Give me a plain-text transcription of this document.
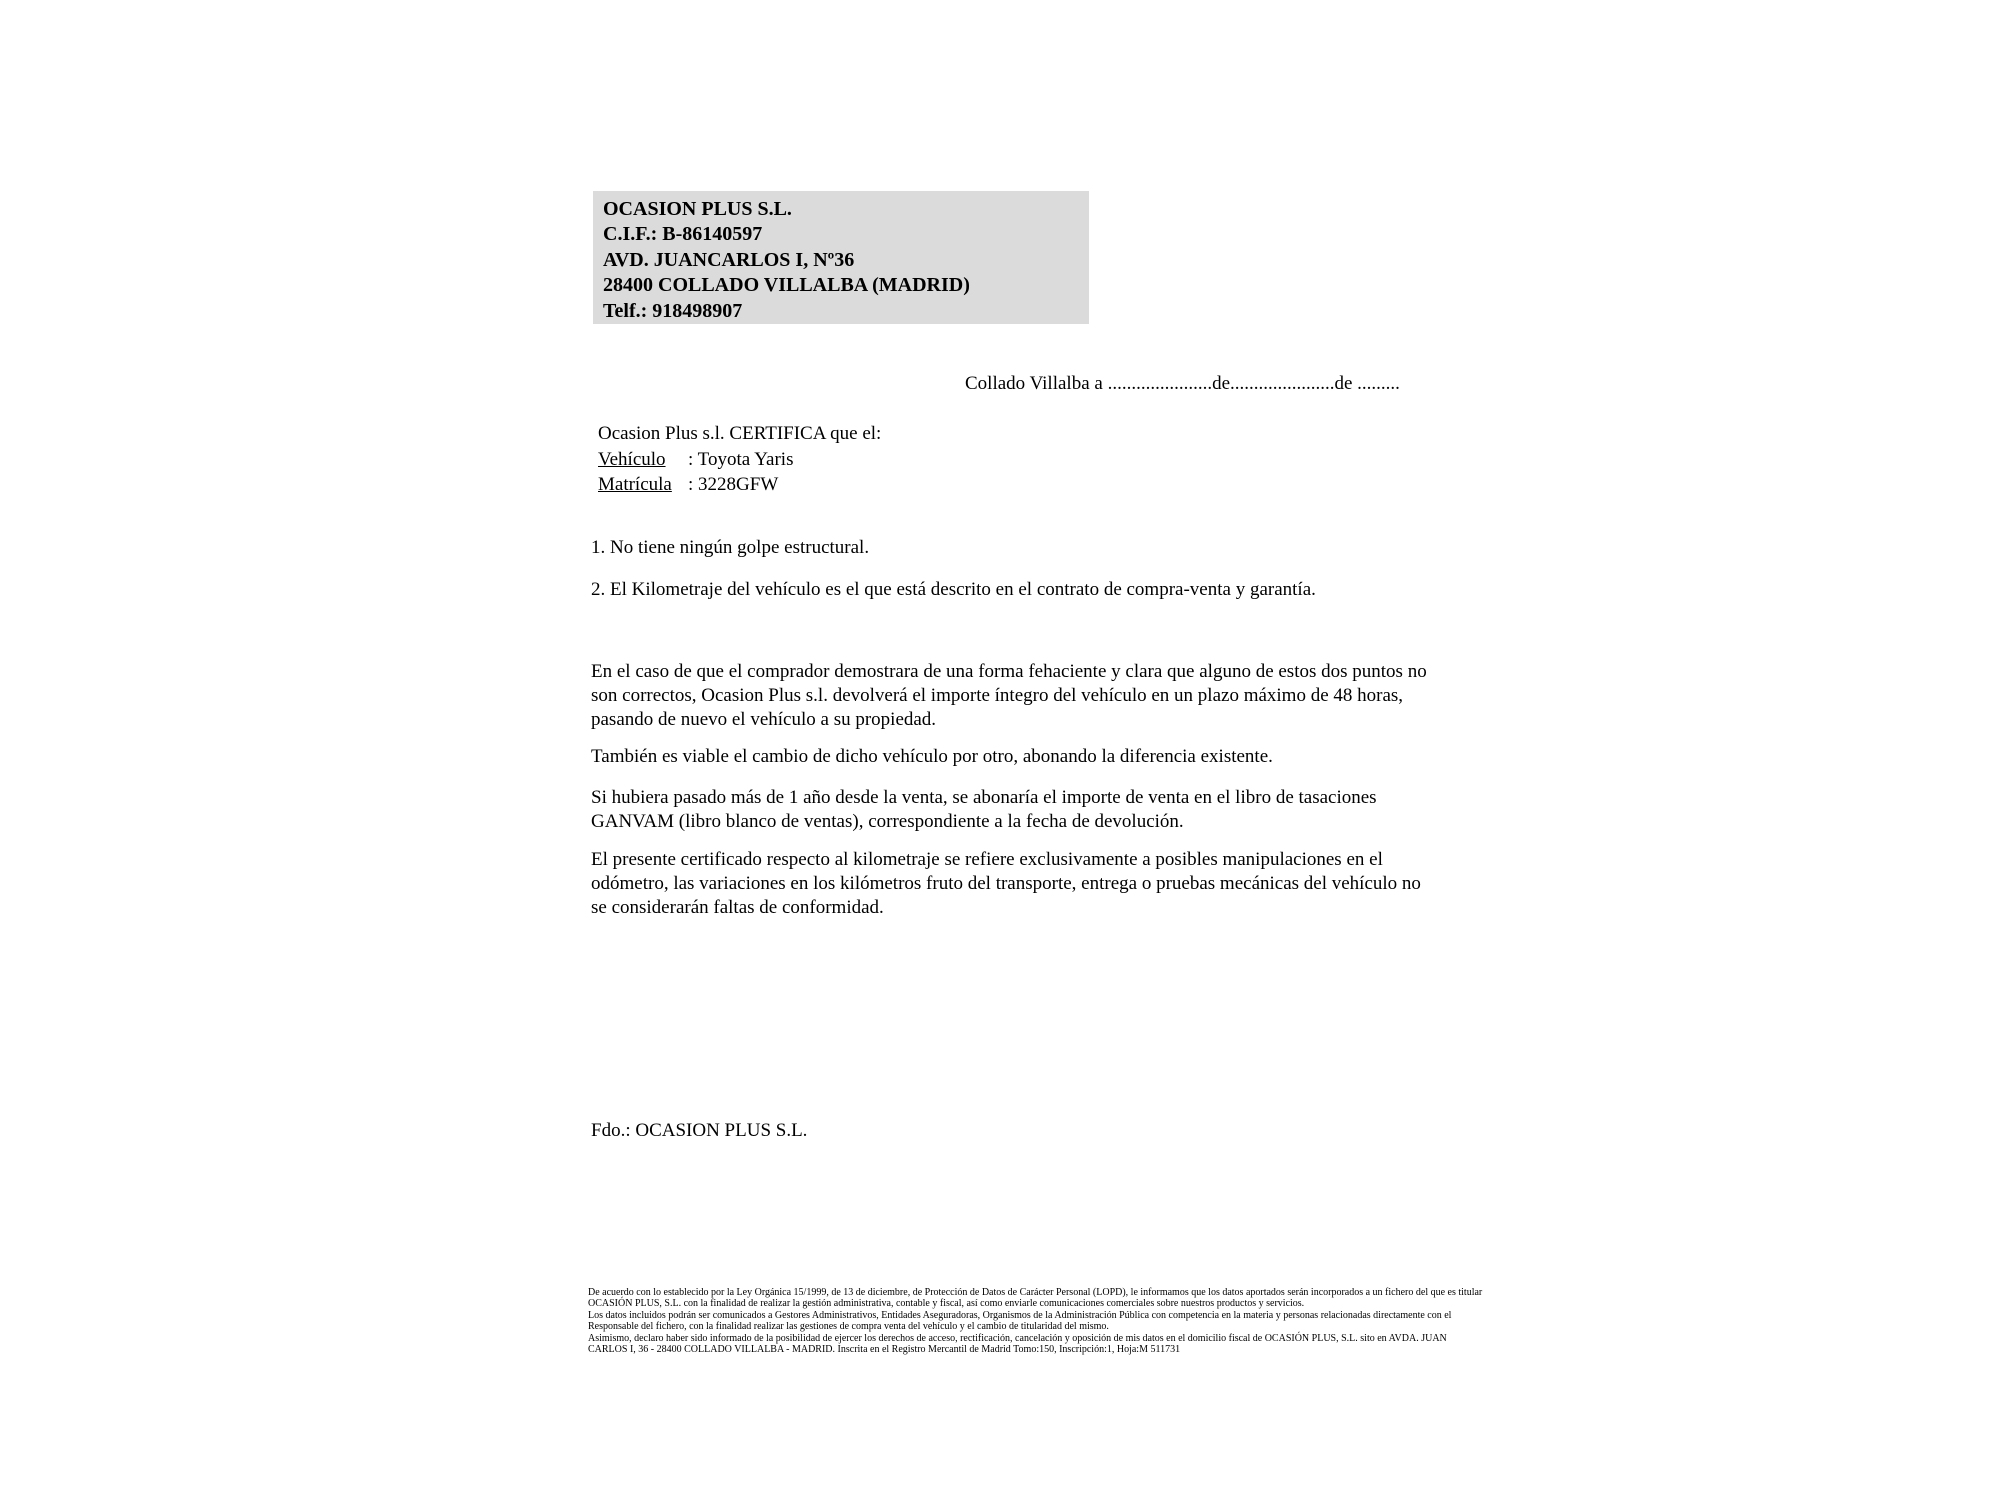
OCASION PLUS S.L.
C.I.F.: B-86140597
AVD. JUANCARLOS I, Nº36
28400 COLLADO VILLALBA (MADRID)
Telf.: 918498907
Collado Villalba a ......................de......................de .........
Ocasion Plus s.l. CERTIFICA que el:
Vehículo : Toyota Yaris
Matrícula : 3228GFW
1. No tiene ningún golpe estructural.
2. El Kilometraje del vehículo es el que está descrito en el contrato de compra-venta y garantía.
En el caso de que el comprador demostrara de una forma fehaciente y clara que alguno de estos dos puntos no son correctos, Ocasion Plus s.l. devolverá el importe íntegro del vehículo en un plazo máximo de 48 horas, pasando de nuevo el vehículo a su propiedad.
También es viable el cambio de dicho vehículo por otro, abonando la diferencia existente.
Si hubiera pasado más de 1 año desde la venta, se abonaría el importe de venta en el libro de tasaciones GANVAM (libro blanco de ventas), correspondiente a la fecha de devolución.
El presente certificado respecto al kilometraje se refiere exclusivamente a posibles manipulaciones en el odómetro, las variaciones en los kilómetros fruto del transporte, entrega o pruebas mecánicas del vehículo no se considerarán faltas de conformidad.
Fdo.: OCASION PLUS S.L.
De acuerdo con lo establecido por la Ley Orgánica 15/1999, de 13 de diciembre, de Protección de Datos de Carácter Personal (LOPD), le informamos que los datos aportados serán incorporados a un fichero del que es titular
OCASIÓN PLUS, S.L. con la finalidad de realizar la gestión administrativa, contable y fiscal, así como enviarle comunicaciones comerciales sobre nuestros productos y servicios.
Los datos incluidos podrán ser comunicados a Gestores Administrativos, Entidades Aseguradoras, Organismos de la Administración Pública con competencia en la materia y personas relacionadas directamente con el
Responsable del fichero, con la finalidad realizar las gestiones de compra venta del vehículo y el cambio de titularidad del mismo.
Asimismo, declaro haber sido informado de la posibilidad de ejercer los derechos de acceso, rectificación, cancelación y oposición de mis datos en el domicilio fiscal de OCASIÓN PLUS, S.L. sito en AVDA. JUAN
CARLOS I, 36 - 28400 COLLADO VILLALBA - MADRID. Inscrita en el Registro Mercantil de Madrid Tomo:150, Inscripción:1, Hoja:M 511731
